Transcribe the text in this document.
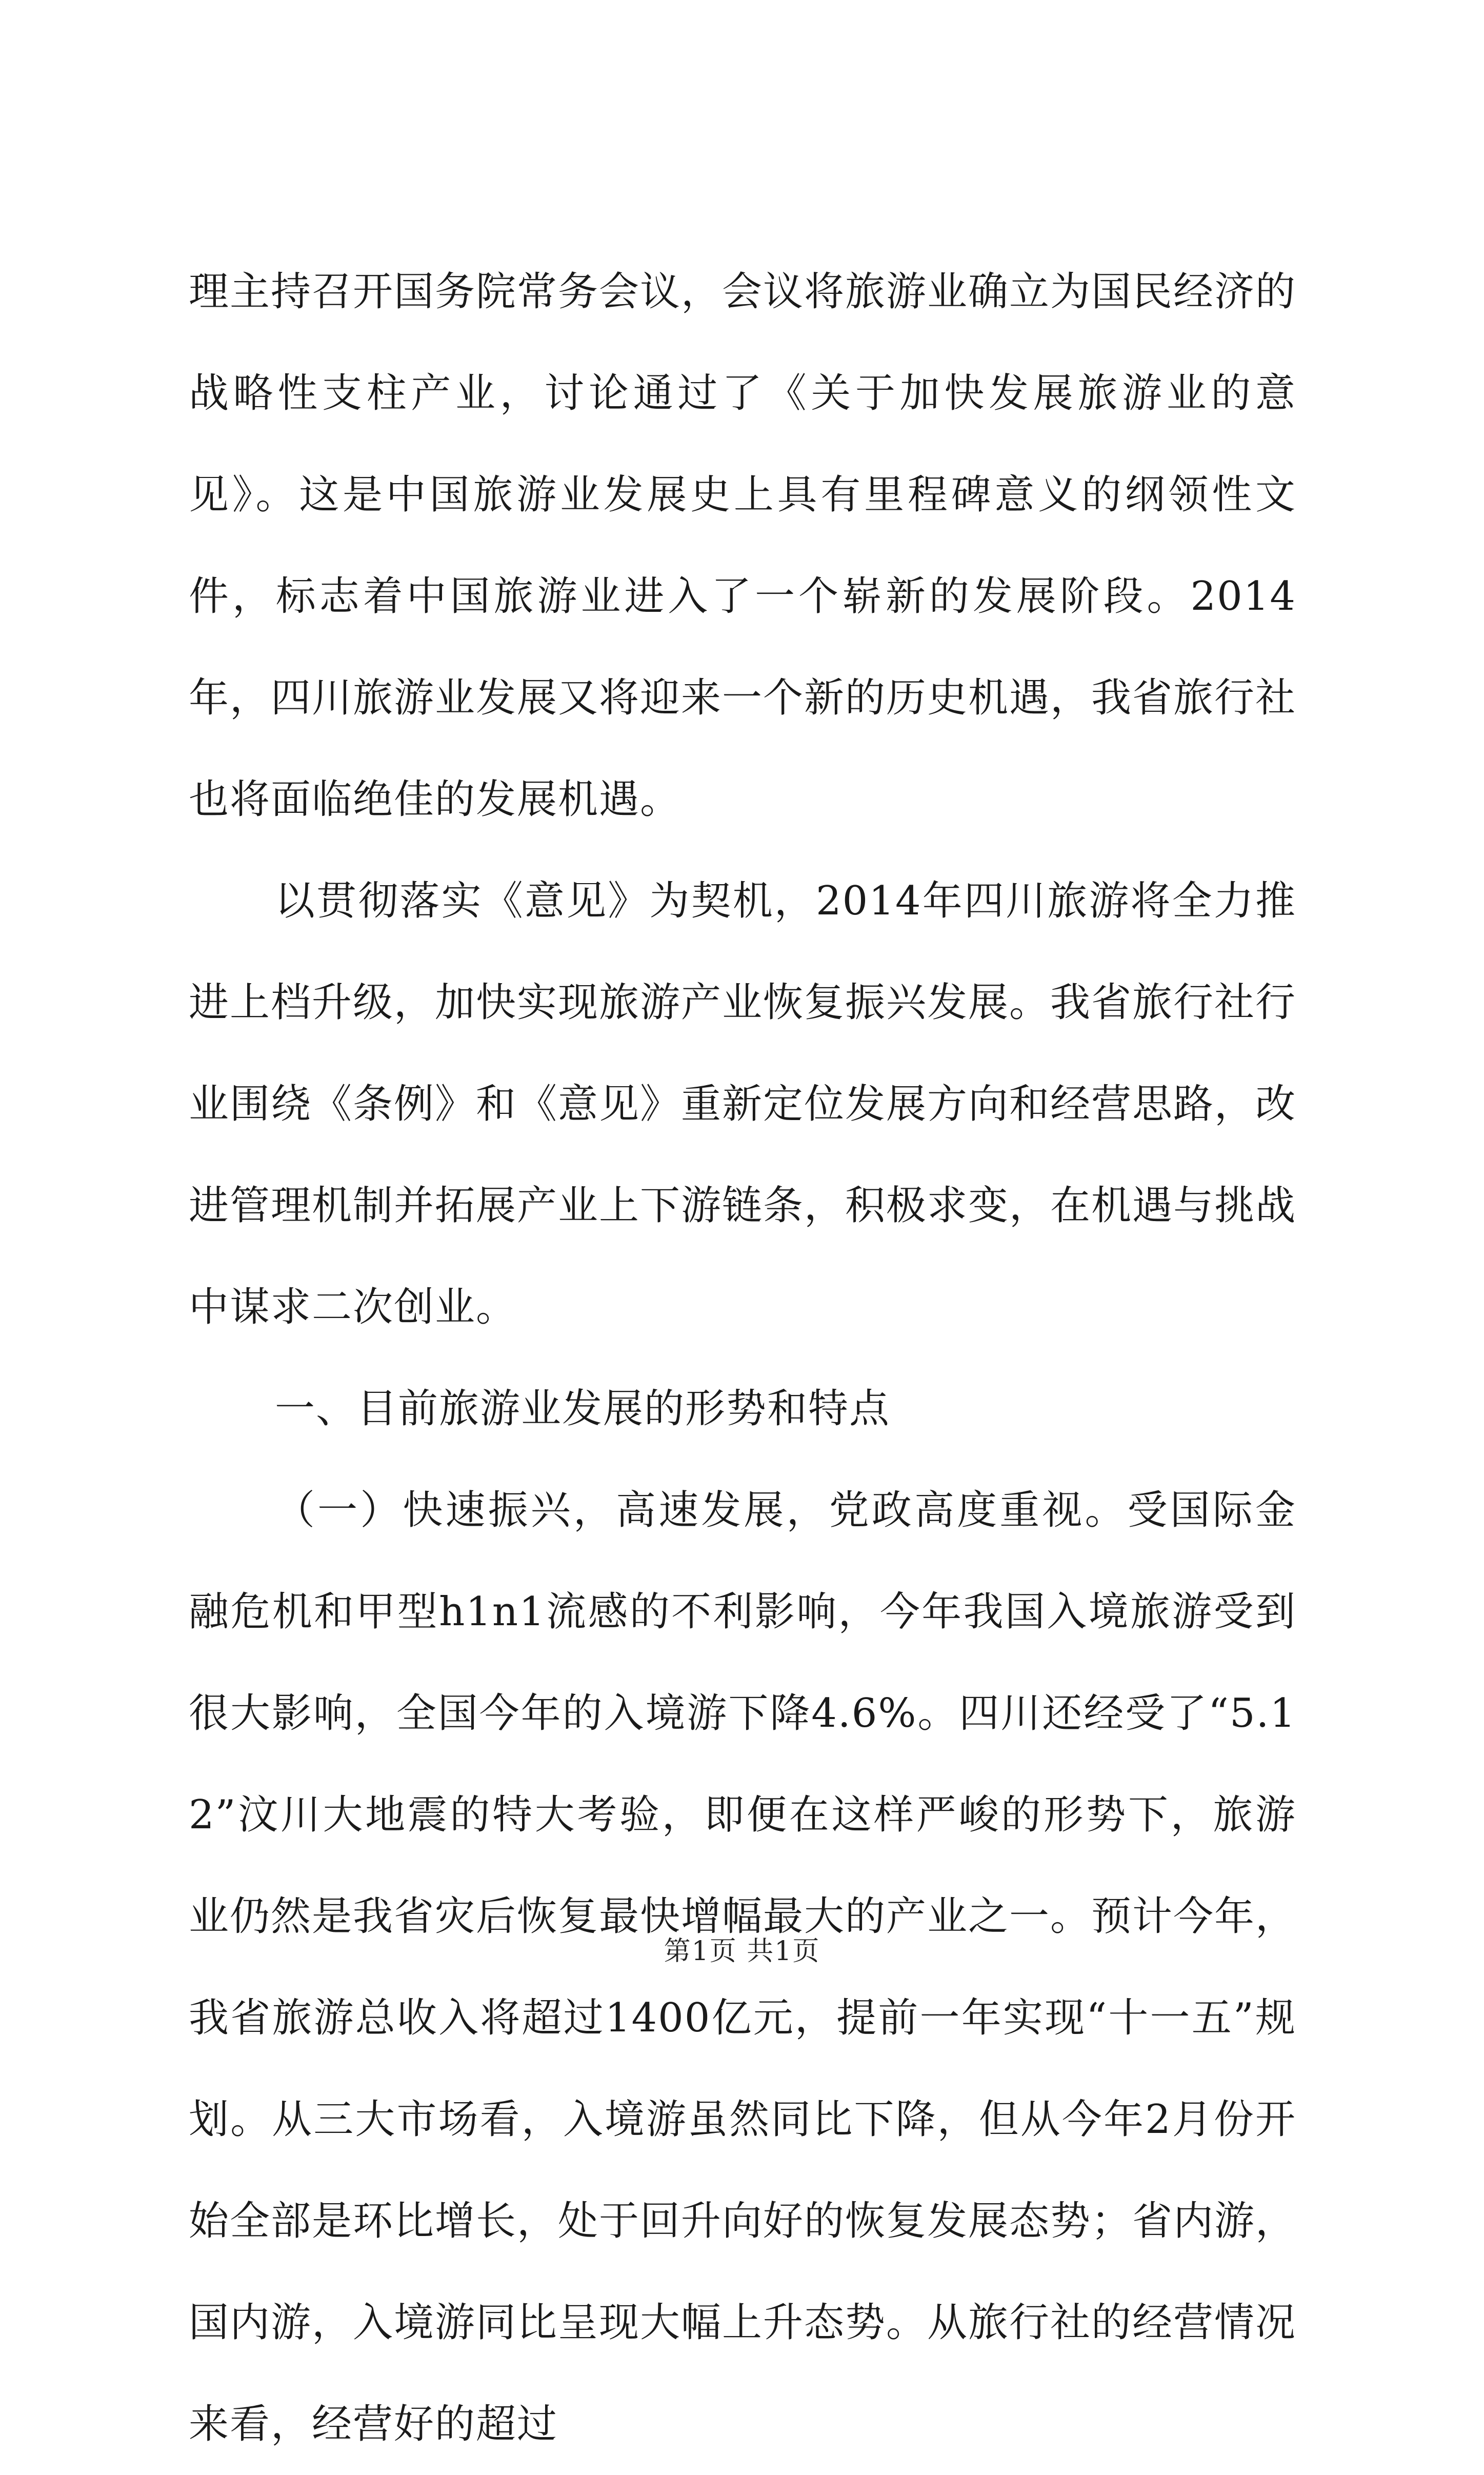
理主持召开国务院常务会议，会议将旅游业确立为国民经济的战略性支柱产业，讨论通过了《关于加快发展旅游业的意见》。这是中国旅游业发展史上具有里程碑意义的纲领性文件，标志着中国旅游业进入了一个崭新的发展阶段。2014年，四川旅游业发展又将迎来一个新的历史机遇，我省旅行社也将面临绝佳的发展机遇。

以贯彻落实《意见》为契机，2014年四川旅游将全力推进上档升级，加快实现旅游产业恢复振兴发展。我省旅行社行业围绕《条例》和《意见》重新定位发展方向和经营思路，改进管理机制并拓展产业上下游链条，积极求变，在机遇与挑战中谋求二次创业。

一、目前旅游业发展的形势和特点

（一）快速振兴，高速发展，党政高度重视。受国际金融危机和甲型h1n1流感的不利影响，今年我国入境旅游受到很大影响，全国今年的入境游下降4.6%。四川还经受了“5.12”汶川大地震的特大考验，即便在这样严峻的形势下，旅游业仍然是我省灾后恢复最快增幅最大的产业之一。预计今年，我省旅游总收入将超过1400亿元，提前一年实现“十一五”规划。从三大市场看，入境游虽然同比下降，但从今年2月份开始全部是环比增长，处于回升向好的恢复发展态势；省内游，国内游，入境游同比呈现大幅上升态势。从旅行社的经营情况来看，经营好的超过

第1页 共1页
